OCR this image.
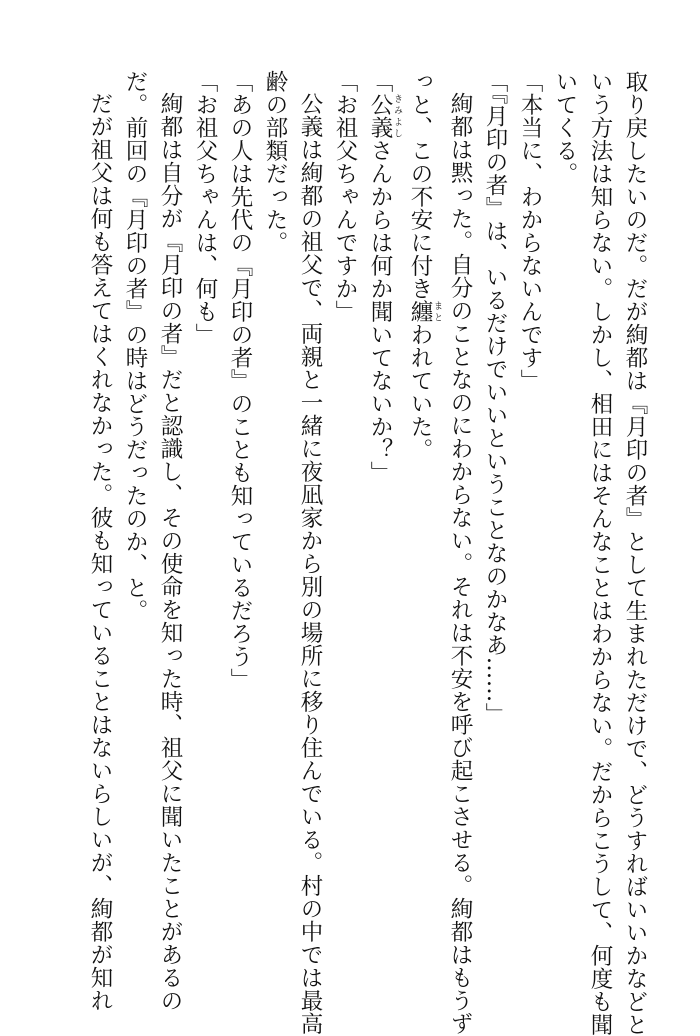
取り戻したいのだ。だが絢都は『月印の者』として生まれただけで、どうすればいいかなどと

いう方法は知らない。しかし、相田にはそんなことはわからない。だからこうして、何度も聞

いてくる。

「本当に、わからないんです」

「『月印の者』は、いるだけでいいということなのかなあ……」

絢都は黙った。自分のことなのにわからない。それは不安を呼び起こさせる。絢都はもうず

っと、この不安に付き纏 まとわれていた。

「公義 きみよしさんからは何か聞いてないか？」

「お祖父ちゃんですか」

公義は絢都の祖父で、両親と一緒に夜凪家から別の場所に移り住んでいる。村の中では最高

齢の部類だった。

「あの人は先代の『月印の者』のことも知っているだろう」

「お祖父ちゃんは、何も」

絢都は自分が『月印の者』だと認識し、その使命を知った時、祖父に聞いたことがあるの

だ。前回の『月印の者』の時はどうだったのか、と。

だが祖父は何も答えてはくれなかった。彼も知っていることはないらしいが、絢都が知れ
